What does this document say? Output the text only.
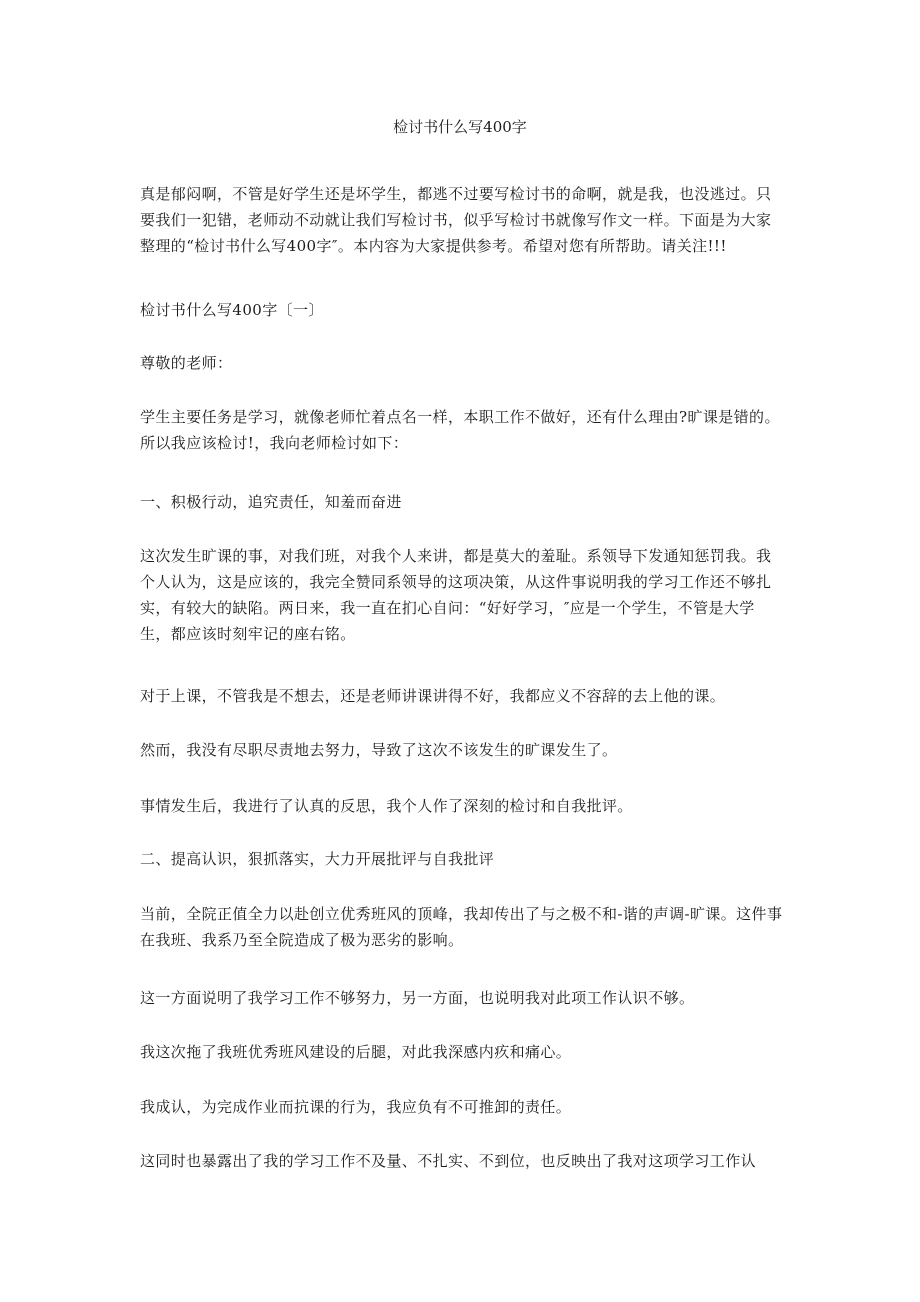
检讨书什么写400字

真是郁闷啊，不管是好学生还是坏学生，都逃不过要写检讨书的命啊，就是我，也没逃过。只要我们一犯错，老师动不动就让我们写检讨书，似乎写检讨书就像写作文一样。下面是为大家整理的“检讨书什么写400字″。本内容为大家提供参考。希望对您有所帮助。请关注!!!

检讨书什么写400字〔一〕

尊敬的老师：

学生主要任务是学习，就像老师忙着点名一样，本职工作不做好，还有什么理由?旷课是错的。所以我应该检讨!，我向老师检讨如下：

一、积极行动，追究责任，知羞而奋进

这次发生旷课的事，对我们班，对我个人来讲，都是莫大的羞耻。系领导下发通知惩罚我。我个人认为，这是应该的，我完全赞同系领导的这项决策，从这件事说明我的学习工作还不够扎实，有较大的缺陷。两日来，我一直在扪心自问：“好好学习，″应是一个学生，不管是大学生，都应该时刻牢记的座右铭。

对于上课，不管我是不想去，还是老师讲课讲得不好，我都应义不容辞的去上他的课。

然而，我没有尽职尽责地去努力，导致了这次不该发生的旷课发生了。

事情发生后，我进行了认真的反思，我个人作了深刻的检讨和自我批评。

二、提高认识，狠抓落实，大力开展批评与自我批评

当前，全院正值全力以赴创立优秀班风的顶峰，我却传出了与之极不和-谐的声调-旷课。这件事在我班、我系乃至全院造成了极为恶劣的影响。

这一方面说明了我学习工作不够努力，另一方面，也说明我对此项工作认识不够。

我这次拖了我班优秀班风建设的后腿，对此我深感内疚和痛心。

我成认，为完成作业而抗课的行为，我应负有不可推卸的责任。

这同时也暴露出了我的学习工作不及量、不扎实、不到位，也反映出了我对这项学习工作认
